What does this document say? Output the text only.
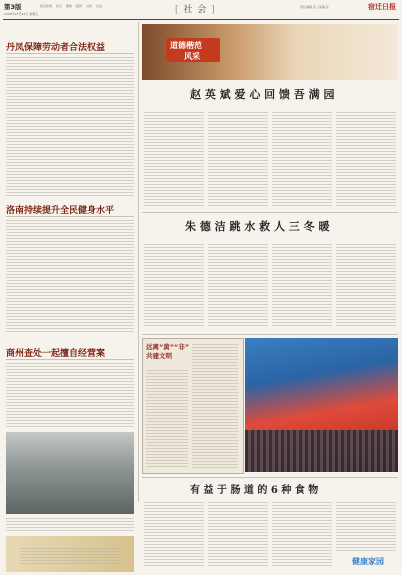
第3版
2008年12月12日 星期五
宿迁新闻 综合 要闻 经济 文体 社会	[ 社 会 ]	责任编辑 张 | 美编 张	宿迁日报
丹凤保障劳动者合法权益
洛南持续提升全民健身水平
商州查处一起擅自经营案
道德楷范
风采
赵 英 斌 爱 心 回 馈 吾 满 园
朱 德 洁 跳 水 救 人 三 冬 暖
远离“黄”“非” 共建文明
有 益 于 肠 道 的 6 种 食 物
健康家园
